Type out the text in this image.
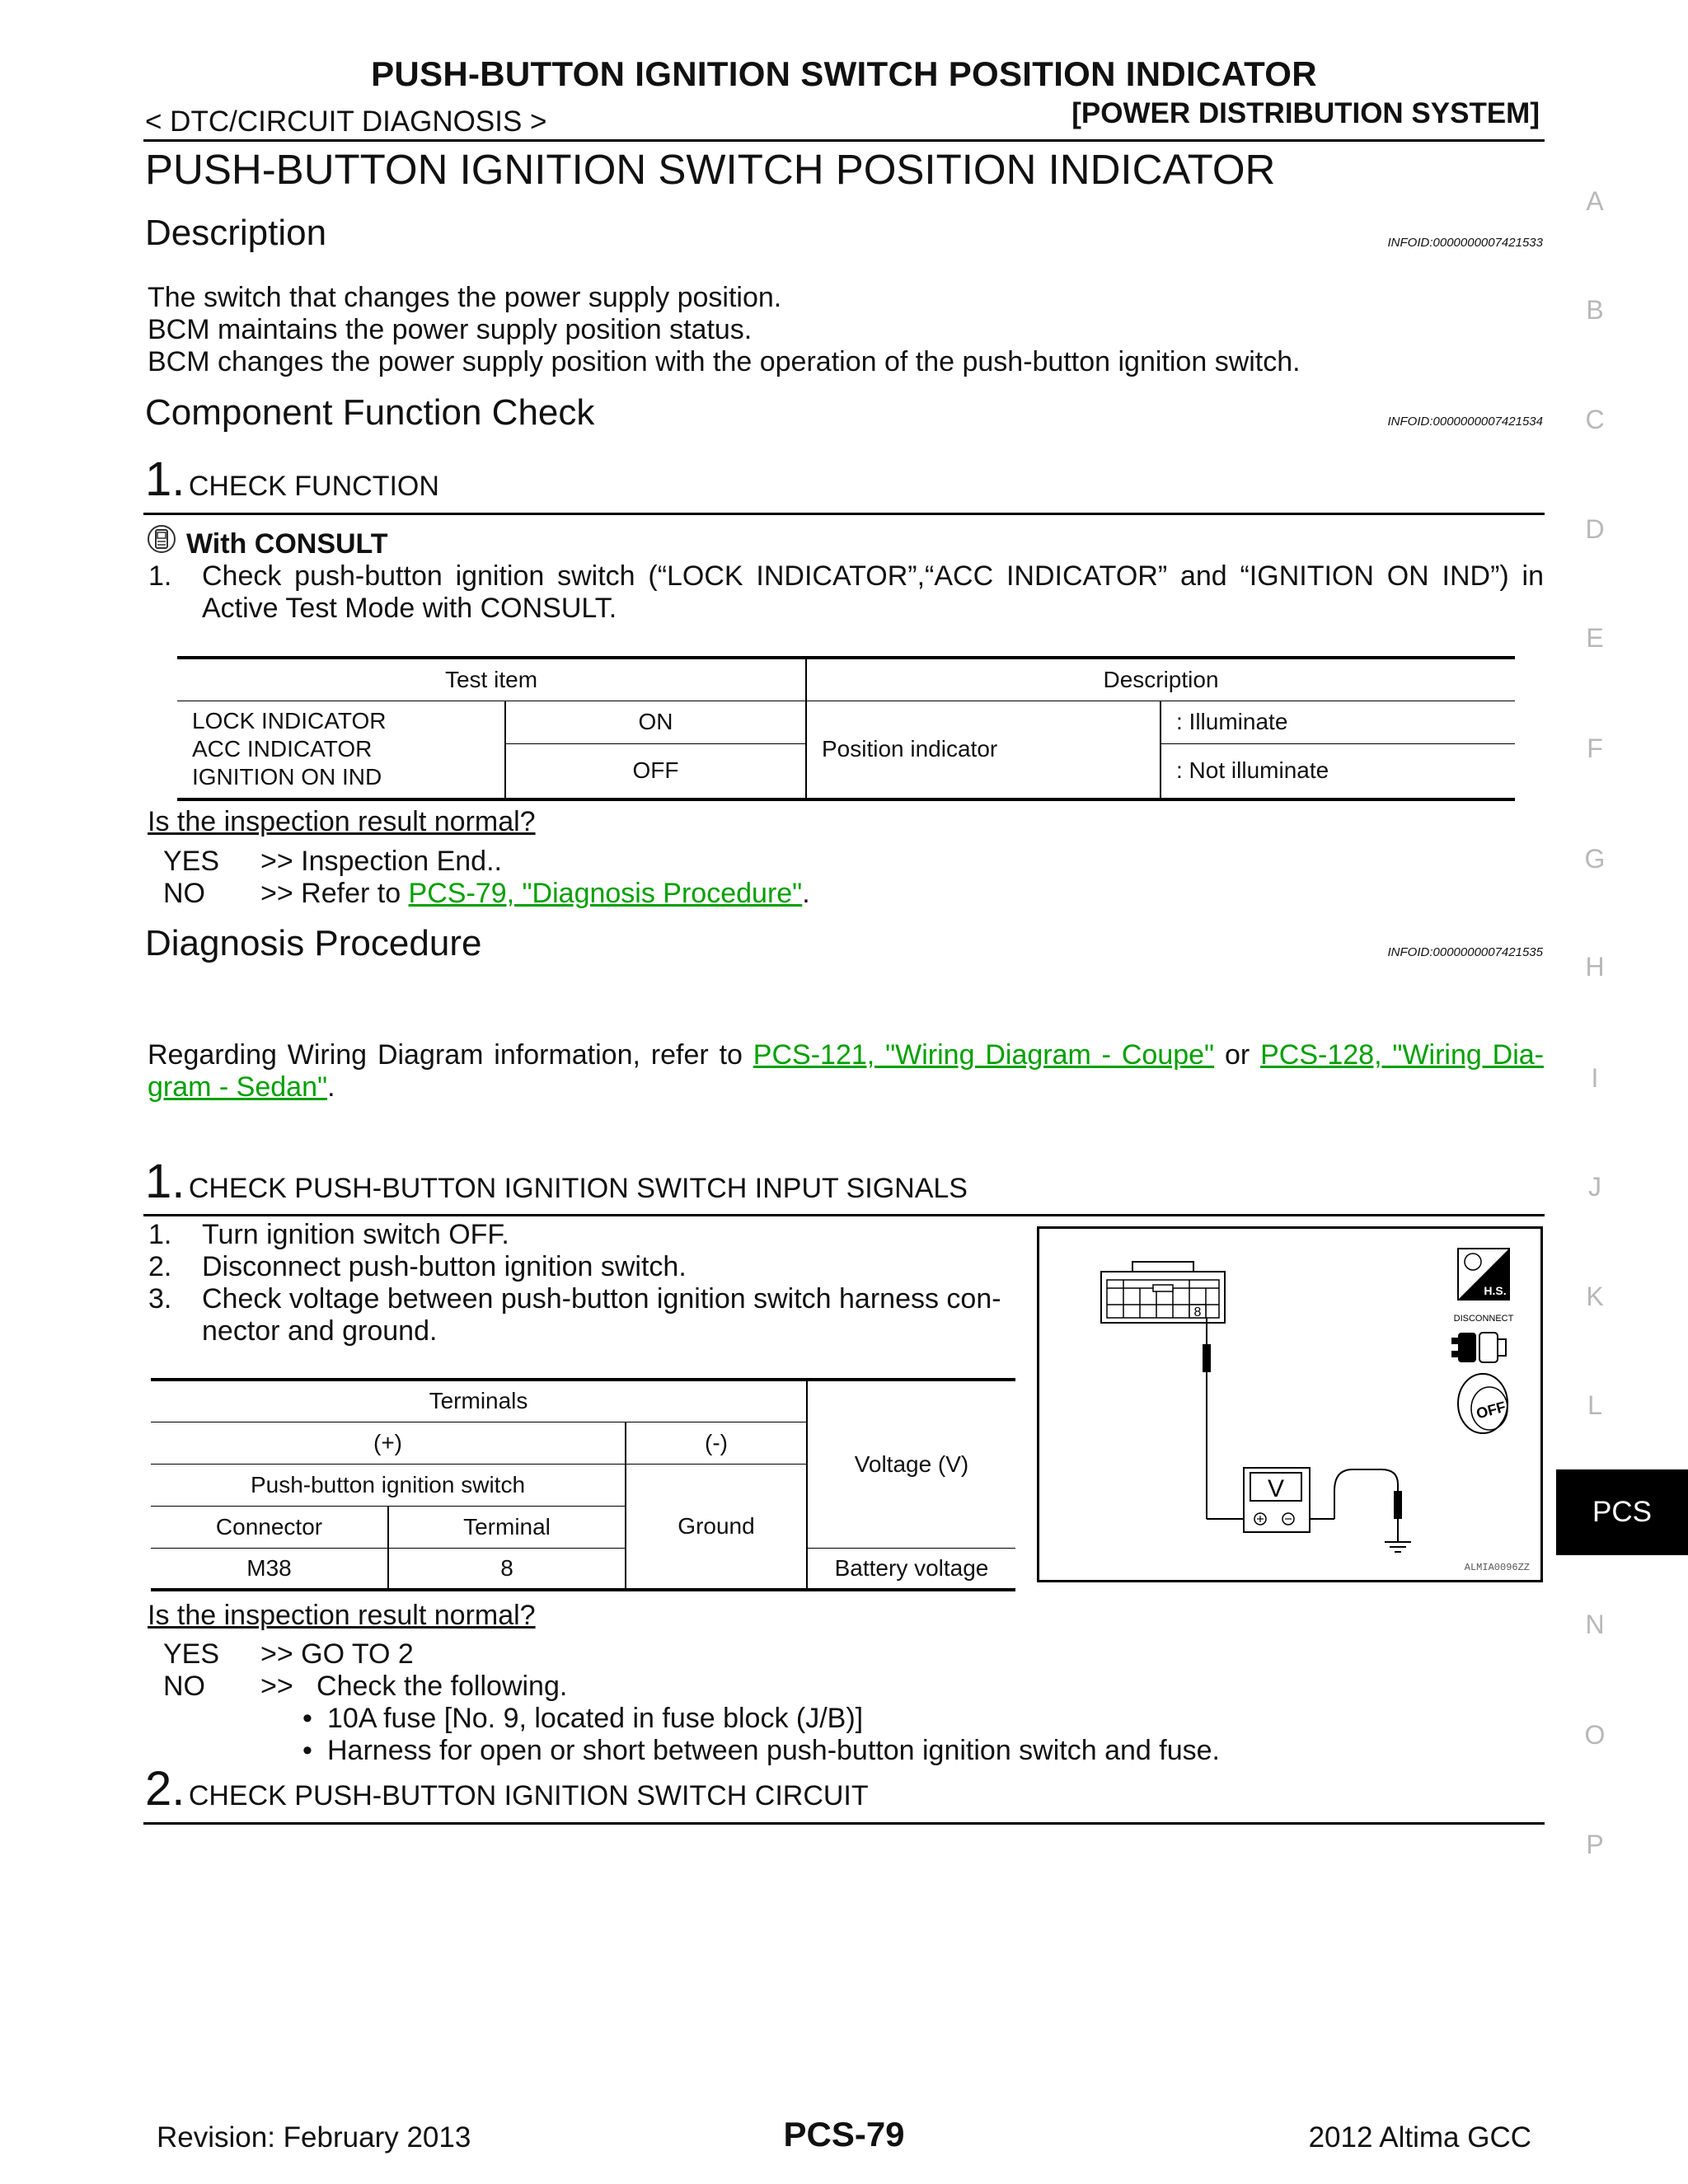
PUSH-BUTTON IGNITION SWITCH POSITION INDICATOR
< DTC/CIRCUIT DIAGNOSIS >	[POWER DISTRIBUTION SYSTEM]
PUSH-BUTTON IGNITION SWITCH POSITION INDICATOR
Description	INFOID:0000000007421533
The switch that changes the power supply position.
BCM maintains the power supply position status.
BCM changes the power supply position with the operation of the push-button ignition switch.
Component Function Check	INFOID:0000000007421534
1. CHECK FUNCTION
With CONSULT
1. Check push-button ignition switch (“LOCK INDICATOR”,“ACC INDICATOR” and “IGNITION ON IND”) in
Active Test Mode with CONSULT.
Test item		Description	

LOCK INDICATOR
ACC INDICATOR
IGNITION ON IND	ON	Position indicator	: Illuminate
	OFF		: Not illuminate
Is the inspection result normal?
YES >> Inspection End..
NO >> Refer to PCS-79, "Diagnosis Procedure".
Diagnosis Procedure	INFOID:0000000007421535
Regarding Wiring Diagram information, refer to PCS-121, "Wiring Diagram - Coupe" or PCS-128, "Wiring Dia-
gram - Sedan".
1. CHECK PUSH-BUTTON IGNITION SWITCH INPUT SIGNALS
1. Turn ignition switch OFF.
2. Disconnect push-button ignition switch.
3. Check voltage between push-button ignition switch harness con-
nector and ground.
Terminals			Voltage (V)
(+)		(-)	
Push-button ignition switch		Ground	
Connector	Terminal		
M38	8		Battery voltage
8
V
H.S.
DISCONNECT
OFF
ALMIA0096ZZ
Is the inspection result normal?
YES >> GO TO 2
NO >>   Check the following.
• 10A fuse [No. 9, located in fuse block (J/B)]
• Harness for open or short between push-button ignition switch and fuse.
2. CHECK PUSH-BUTTON IGNITION SWITCH CIRCUIT
A
B
C
D
E
F
G
H
I
J
K
L
PCS
N
O
P
Revision: February 2013	PCS-79	2012 Altima GCC
